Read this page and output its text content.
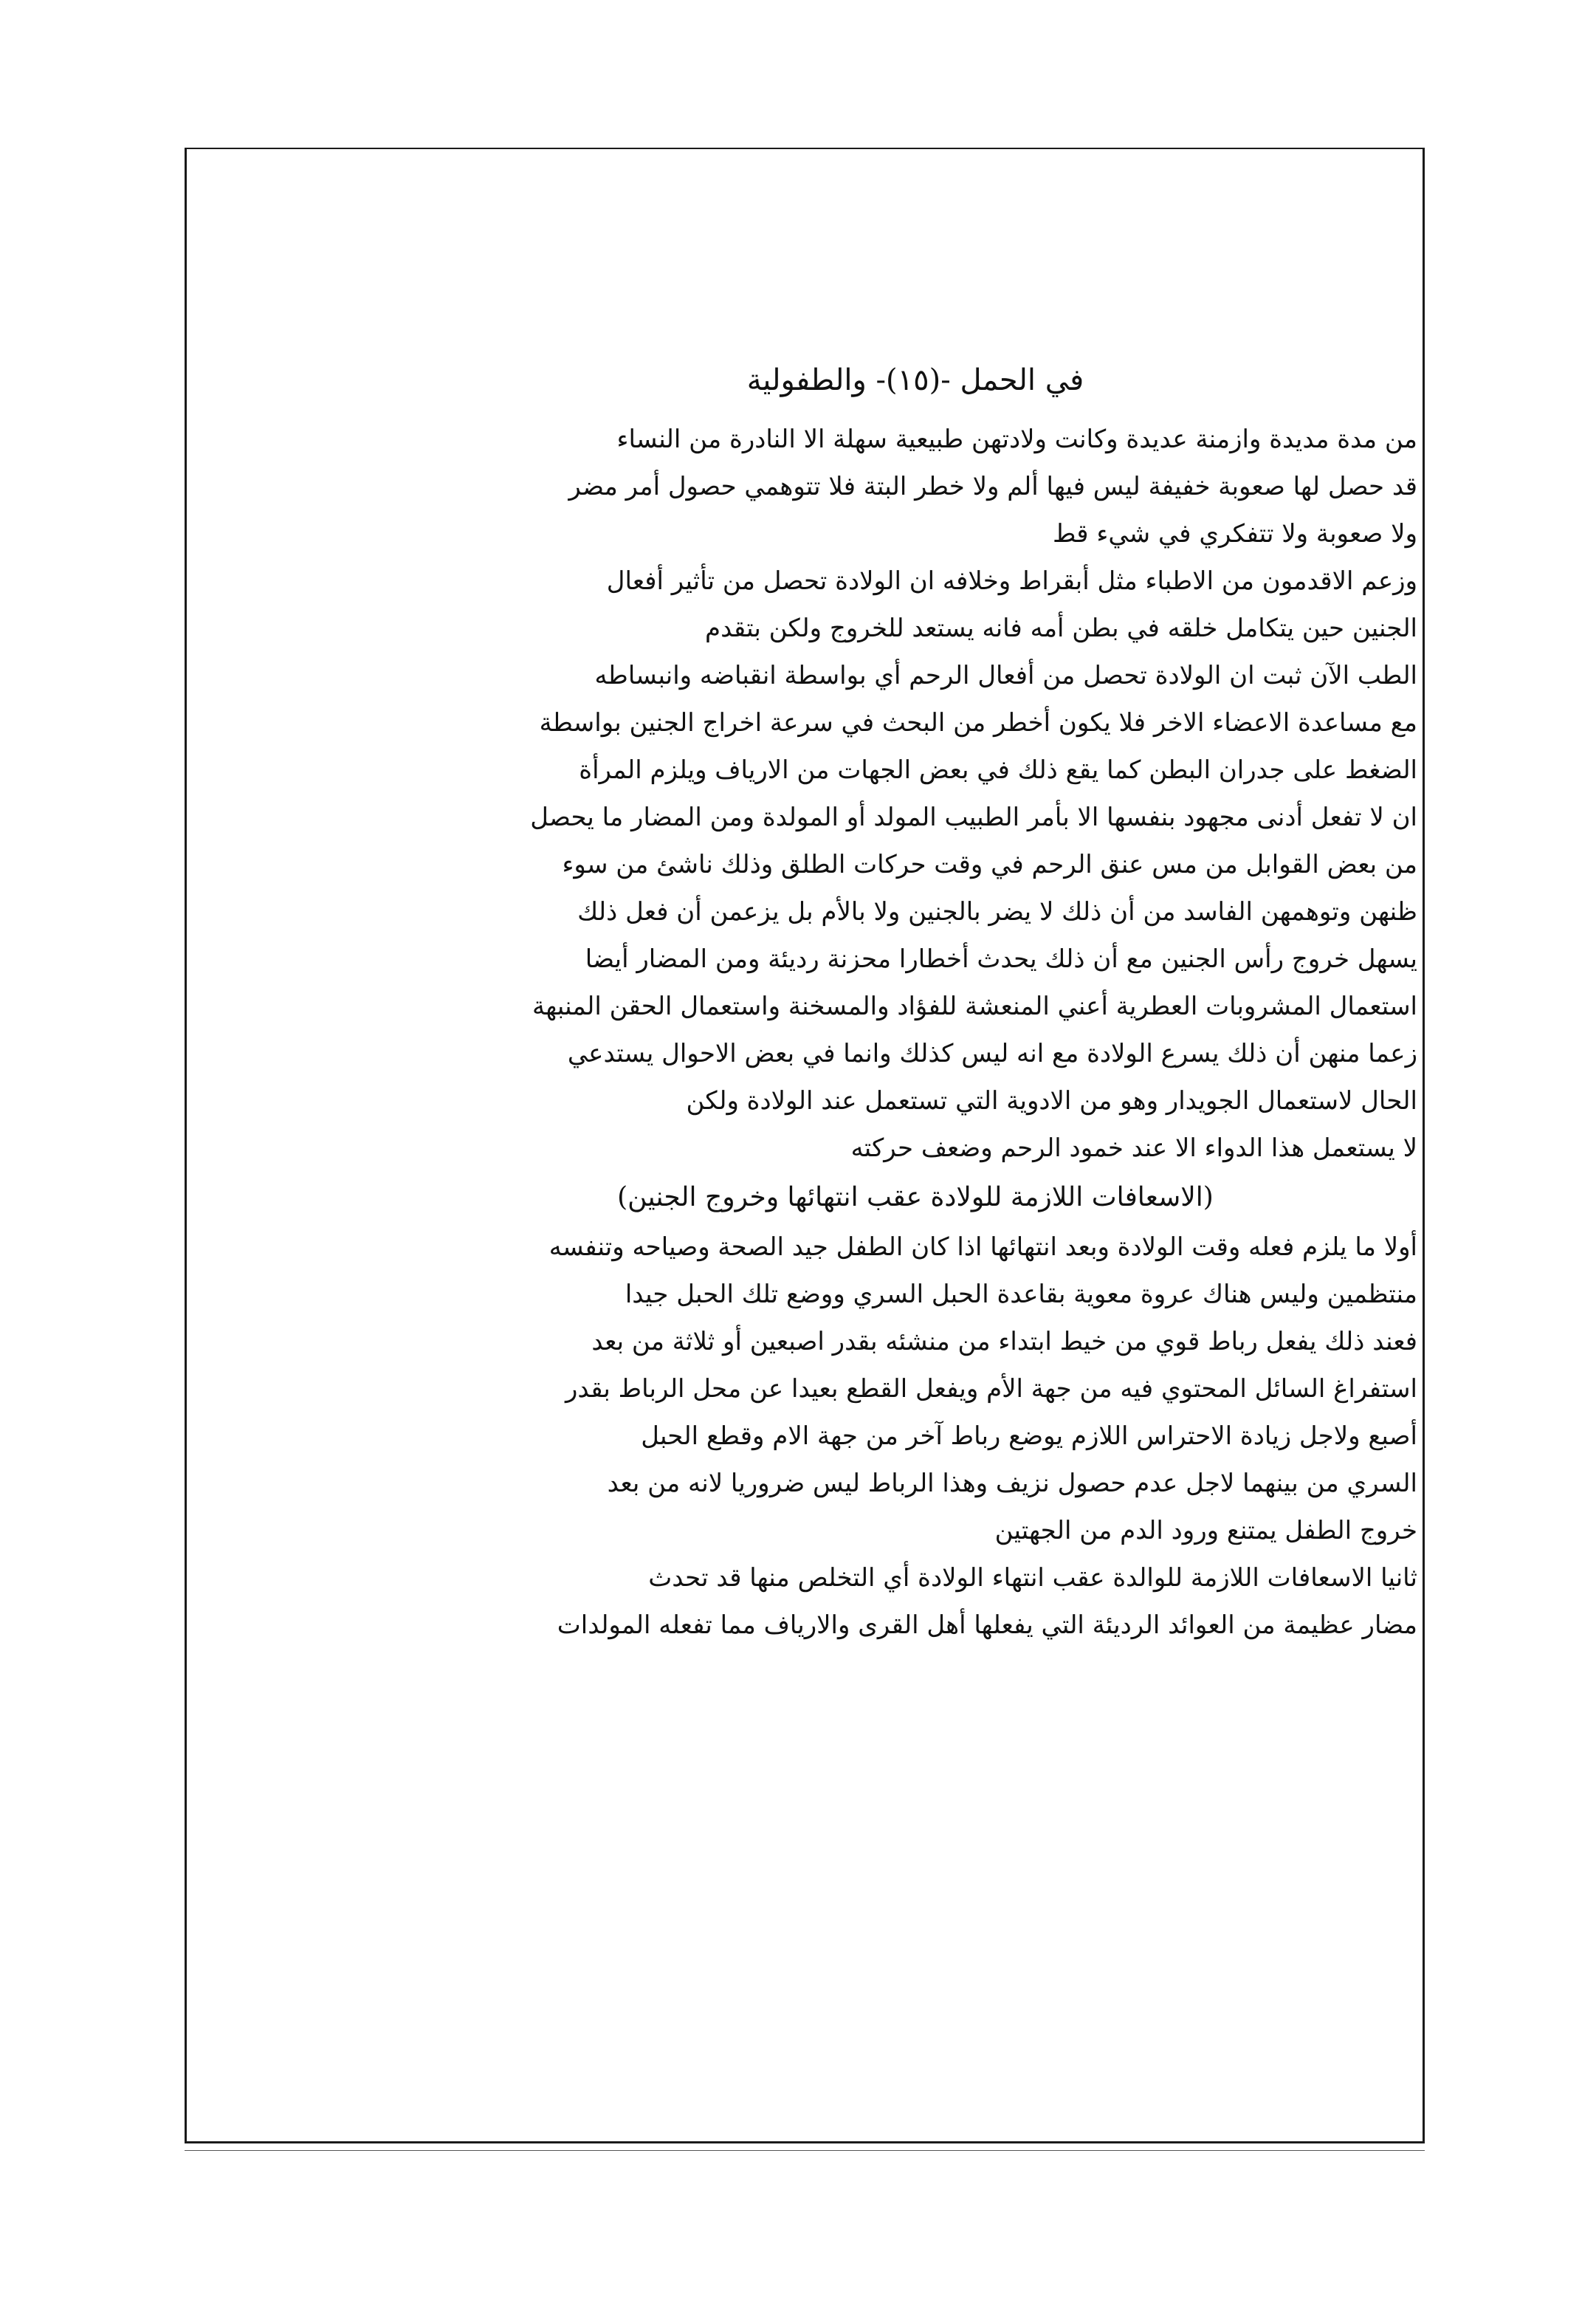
في الحمل -(١٥)- والطفولية
من مدة مديدة وازمنة عديدة وكانت ولادتهن طبيعية سهلة الا النادرة من النساء
قد حصل لها صعوبة خفيفة ليس فيها ألم ولا خطر البتة فلا تتوهمي حصول أمر مضر
ولا صعوبة ولا تتفكري في شيء قط
وزعم الاقدمون من الاطباء مثل أبقراط وخلافه ان الولادة تحصل من تأثير أفعال
الجنين حين يتكامل خلقه في بطن أمه فانه يستعد للخروج ولكن بتقدم
الطب الآن ثبت ان الولادة تحصل من أفعال الرحم أي بواسطة انقباضه وانبساطه
مع مساعدة الاعضاء الاخر فلا يكون أخطر من البحث في سرعة اخراج الجنين بواسطة
الضغط على جدران البطن كما يقع ذلك في بعض الجهات من الارياف ويلزم المرأة
ان لا تفعل أدنى مجهود بنفسها الا بأمر الطبيب المولد أو المولدة ومن المضار ما يحصل
من بعض القوابل من مس عنق الرحم في وقت حركات الطلق وذلك ناشئ من سوء
ظنهن وتوهمهن الفاسد من أن ذلك لا يضر بالجنين ولا بالأم بل يزعمن أن فعل ذلك
يسهل خروج رأس الجنين مع أن ذلك يحدث أخطارا محزنة رديئة ومن المضار أيضا
استعمال المشروبات العطرية أعني المنعشة للفؤاد والمسخنة واستعمال الحقن المنبهة
زعما منهن أن ذلك يسرع الولادة مع انه ليس كذلك وانما في بعض الاحوال يستدعي
الحال لاستعمال الجويدار وهو من الادوية التي تستعمل عند الولادة ولكن
لا يستعمل هذا الدواء الا عند خمود الرحم وضعف حركته
(الاسعافات اللازمة للولادة عقب انتهائها وخروج الجنين)
أولا ما يلزم فعله وقت الولادة وبعد انتهائها اذا كان الطفل جيد الصحة وصياحه وتنفسه
منتظمين وليس هناك عروة معوية بقاعدة الحبل السري ووضع تلك الحبل جيدا
فعند ذلك يفعل رباط قوي من خيط ابتداء من منشئه بقدر اصبعين أو ثلاثة من بعد
استفراغ السائل المحتوي فيه من جهة الأم ويفعل القطع بعيدا عن محل الرباط بقدر
أصبع ولاجل زيادة الاحتراس اللازم يوضع رباط آخر من جهة الام وقطع الحبل
السري من بينهما لاجل عدم حصول نزيف وهذا الرباط ليس ضروريا لانه من بعد
خروج الطفل يمتنع ورود الدم من الجهتين
ثانيا الاسعافات اللازمة للوالدة عقب انتهاء الولادة أي التخلص منها قد تحدث
مضار عظيمة من العوائد الرديئة التي يفعلها أهل القرى والارياف مما تفعله المولدات
